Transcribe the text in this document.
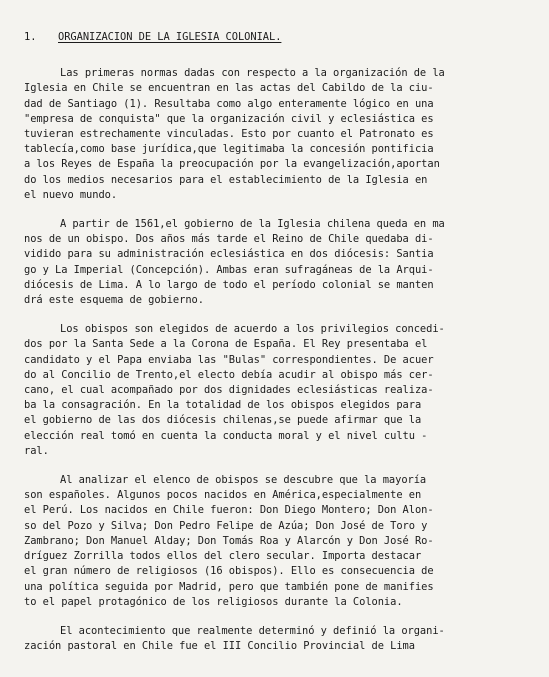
1. ORGANIZACION DE LA IGLESIA COLONIAL.
Las primeras normas dadas con respecto a la organización de la
Iglesia en Chile se encuentran en las actas del Cabildo de la ciu-
dad de Santiago (1). Resultaba como algo enteramente lógico en una
"empresa de conquista" que la organización civil y eclesiástica es
tuvieran estrechamente vinculadas. Esto por cuanto el Patronato es
tablecía,como base jurídica,que legitimaba la concesión pontificia
a los Reyes de España la preocupación por la evangelización,aportan
do los medios necesarios para el establecimiento de la Iglesia en
el nuevo mundo.
A partir de 1561,el gobierno de la Iglesia chilena queda en ma
nos de un obispo. Dos años más tarde el Reino de Chile quedaba di-
vidido para su administración eclesiástica en dos diócesis: Santia
go y La Imperial (Concepción). Ambas eran sufragáneas de la Arqui-
diócesis de Lima. A lo largo de todo el período colonial se manten
drá este esquema de gobierno.
Los obispos son elegidos de acuerdo a los privilegios concedi-
dos por la Santa Sede a la Corona de España. El Rey presentaba el
candidato y el Papa enviaba las "Bulas" correspondientes. De acuer
do al Concilio de Trento,el electo debía acudir al obispo más cer-
cano, el cual acompañado por dos dignidades eclesiásticas realiza-
ba la consagración. En la totalidad de los obispos elegidos para
el gobierno de las dos diócesis chilenas,se puede afirmar que la
elección real tomó en cuenta la conducta moral y el nivel cultu -
ral.
Al analizar el elenco de obispos se descubre que la mayoría
son españoles. Algunos pocos nacidos en América,especialmente en
el Perú. Los nacidos en Chile fueron: Don Diego Montero; Don Alon-
so del Pozo y Silva; Don Pedro Felipe de Azúa; Don José de Toro y
Zambrano; Don Manuel Alday; Don Tomás Roa y Alarcón y Don José Ro-
dríguez Zorrilla todos ellos del clero secular. Importa destacar
el gran número de religiosos (16 obispos). Ello es consecuencia de
una política seguida por Madrid, pero que también pone de manifies
to el papel protagónico de los religiosos durante la Colonia.
El acontecimiento que realmente determinó y definió la organi-
zación pastoral en Chile fue el III Concilio Provincial de Lima
